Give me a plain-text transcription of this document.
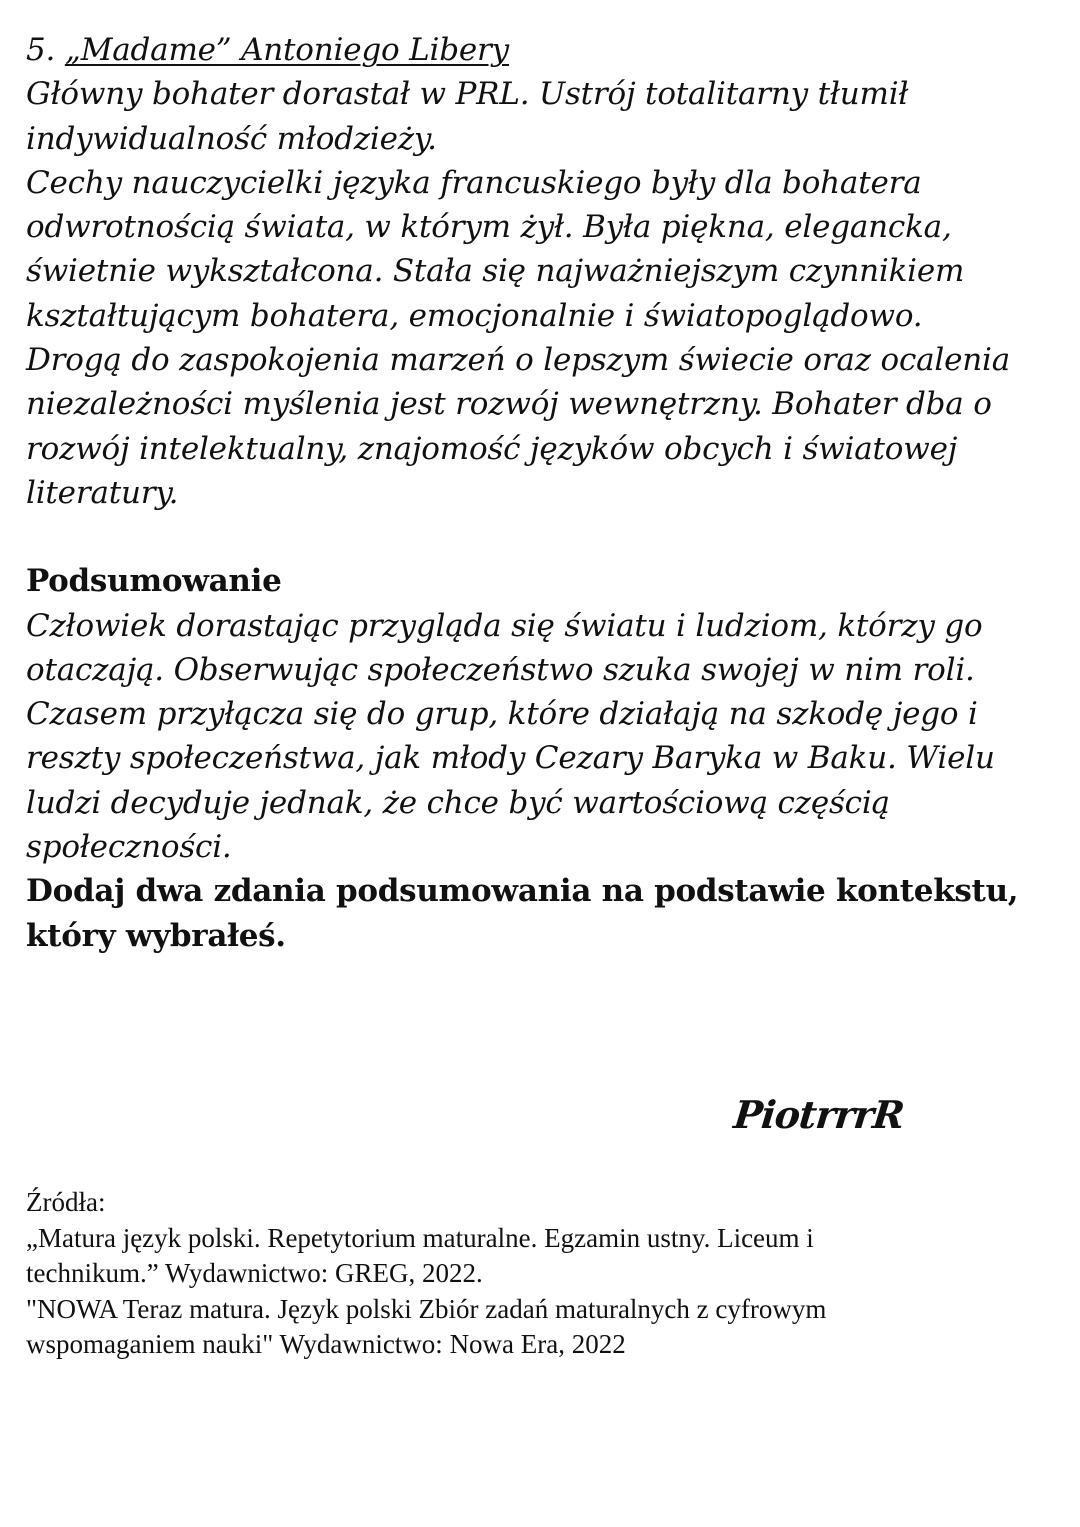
5. „Madame” Antoniego Libery
Główny bohater dorastał w PRL. Ustrój totalitarny tłumił
indywidualność młodzieży.
Cechy nauczycielki języka francuskiego były dla bohatera
odwrotnością świata, w którym żył. Była piękna, elegancka,
świetnie wykształcona. Stała się najważniejszym czynnikiem
kształtującym bohatera, emocjonalnie i światopoglądowo.
Drogą do zaspokojenia marzeń o lepszym świecie oraz ocalenia
niezależności myślenia jest rozwój wewnętrzny. Bohater dba o
rozwój intelektualny, znajomość języków obcych i światowej
literatury.
Podsumowanie
Człowiek dorastając przygląda się światu i ludziom, którzy go
otaczają. Obserwując społeczeństwo szuka swojej w nim roli.
Czasem przyłącza się do grup, które działają na szkodę jego i
reszty społeczeństwa, jak młody Cezary Baryka w Baku. Wielu
ludzi decyduje jednak, że chce być wartościową częścią
społeczności.
Dodaj dwa zdania podsumowania na podstawie kontekstu,
który wybrałeś.
PiotrrrR
Źródła:
„Matura język polski. Repetytorium maturalne. Egzamin ustny. Liceum i
technikum.” Wydawnictwo: GREG, 2022.
"NOWA Teraz matura. Język polski Zbiór zadań maturalnych z cyfrowym
wspomaganiem nauki" Wydawnictwo: Nowa Era, 2022
